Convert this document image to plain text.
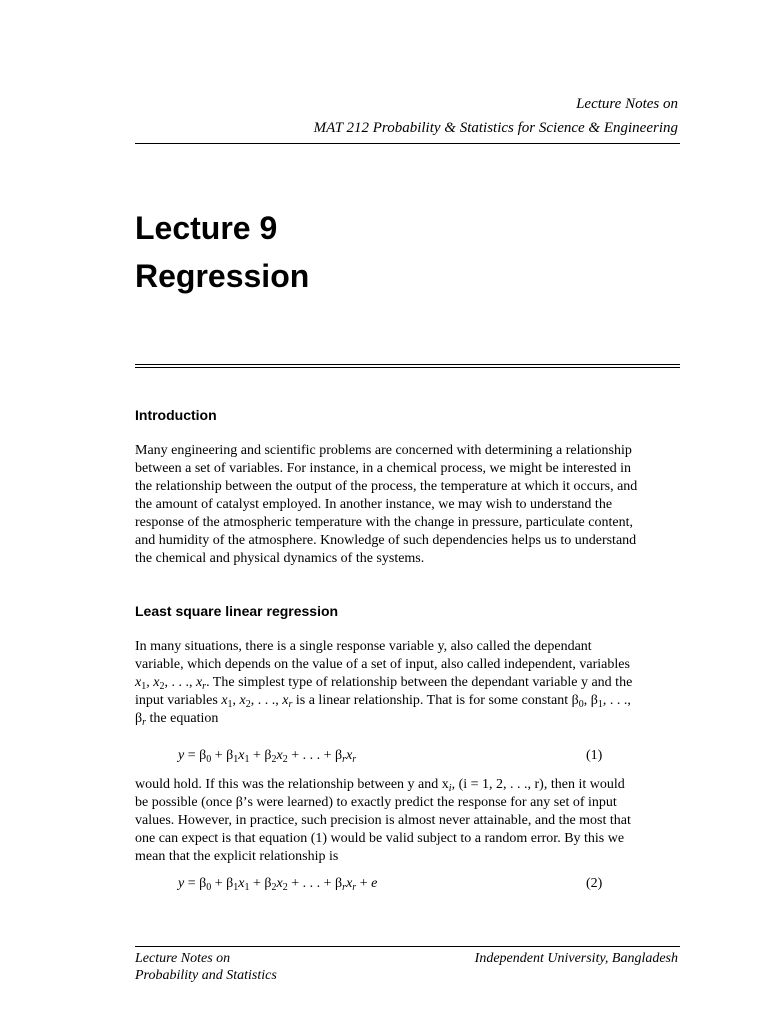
Lecture Notes on
MAT 212 Probability & Statistics for Science & Engineering
Lecture 9
Regression
Introduction
Many engineering and scientific problems are concerned with determining a relationship
between a set of variables. For instance, in a chemical process, we might be interested in
the relationship between the output of the process, the temperature at which it occurs, and
the amount of catalyst employed. In another instance, we may wish to understand the
response of the atmospheric temperature with the change in pressure, particulate content,
and humidity of the atmosphere. Knowledge of such dependencies helps us to understand
the chemical and physical dynamics of the systems.
Least square linear regression
In many situations, there is a single response variable y, also called the dependant
variable, which depends on the value of a set of input, also called independent, variables
$x_1$, $x_2$, . . ., $x_r$. The simplest type of relationship between the dependant variable y and the
input variables $x_1$, $x_2$, . . ., $x_r$ is a linear relationship. That is for some constant $\beta_0$, $\beta_1$, . . .,
$\beta_r$ the equation
$y = \beta_0 + \beta_1x_1 + \beta_2x_2$ + . . . + $\beta_rx_r$	(1)
would hold. If this was the relationship between y and $x_i$, (i = 1, 2, . . ., r), then it would
be possible (once β’s were learned) to exactly predict the response for any set of input
values. However, in practice, such precision is almost never attainable, and the most that
one can expect is that equation (1) would be valid subject to a random error. By this we
mean that the explicit relationship is
$y = \beta_0 + \beta_1x_1 + \beta_2x_2$ + . . . + $\beta_rx_r + e$	(2)
Lecture Notes on
Probability and Statistics
Independent University, Bangladesh
